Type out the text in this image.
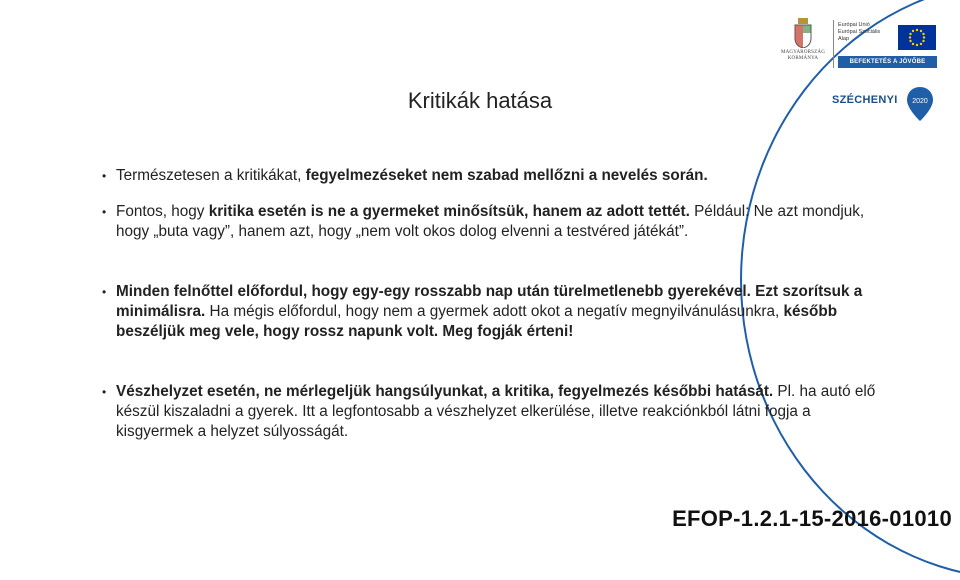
MAGYARORSZÁG
KORMÁNYA
Európai Unió
Európai Szociális
Alap
BEFEKTETÉS A JÖVŐBE
SZÉCHENYI 2020
Kritikák hatása
• Természetesen a kritikákat, fegyelmezéseket nem szabad mellőzni a nevelés során.
• Fontos, hogy kritika esetén is ne a gyermeket minősítsük, hanem az adott tettét. Például: Ne azt mondjuk, hogy „buta vagy”, hanem azt, hogy „nem volt okos dolog elvenni a testvéred játékát”.
• Minden felnőttel előfordul, hogy egy-egy rosszabb nap után türelmetlenebb gyerekével. Ezt szorítsuk a minimálisra. Ha mégis előfordul, hogy nem a gyermek adott okot a negatív megnyilvánulásunkra, később beszéljük meg vele, hogy rossz napunk volt. Meg fogják érteni!
• Vészhelyzet esetén, ne mérlegeljük hangsúlyunkat, a kritika, fegyelmezés későbbi hatását. Pl. ha autó elő készül kiszaladni a gyerek. Itt a legfontosabb a vészhelyzet elkerülése, illetve reakciónkból látni fogja a kisgyermek a helyzet súlyosságát.
EFOP-1.2.1-15-2016-01010
